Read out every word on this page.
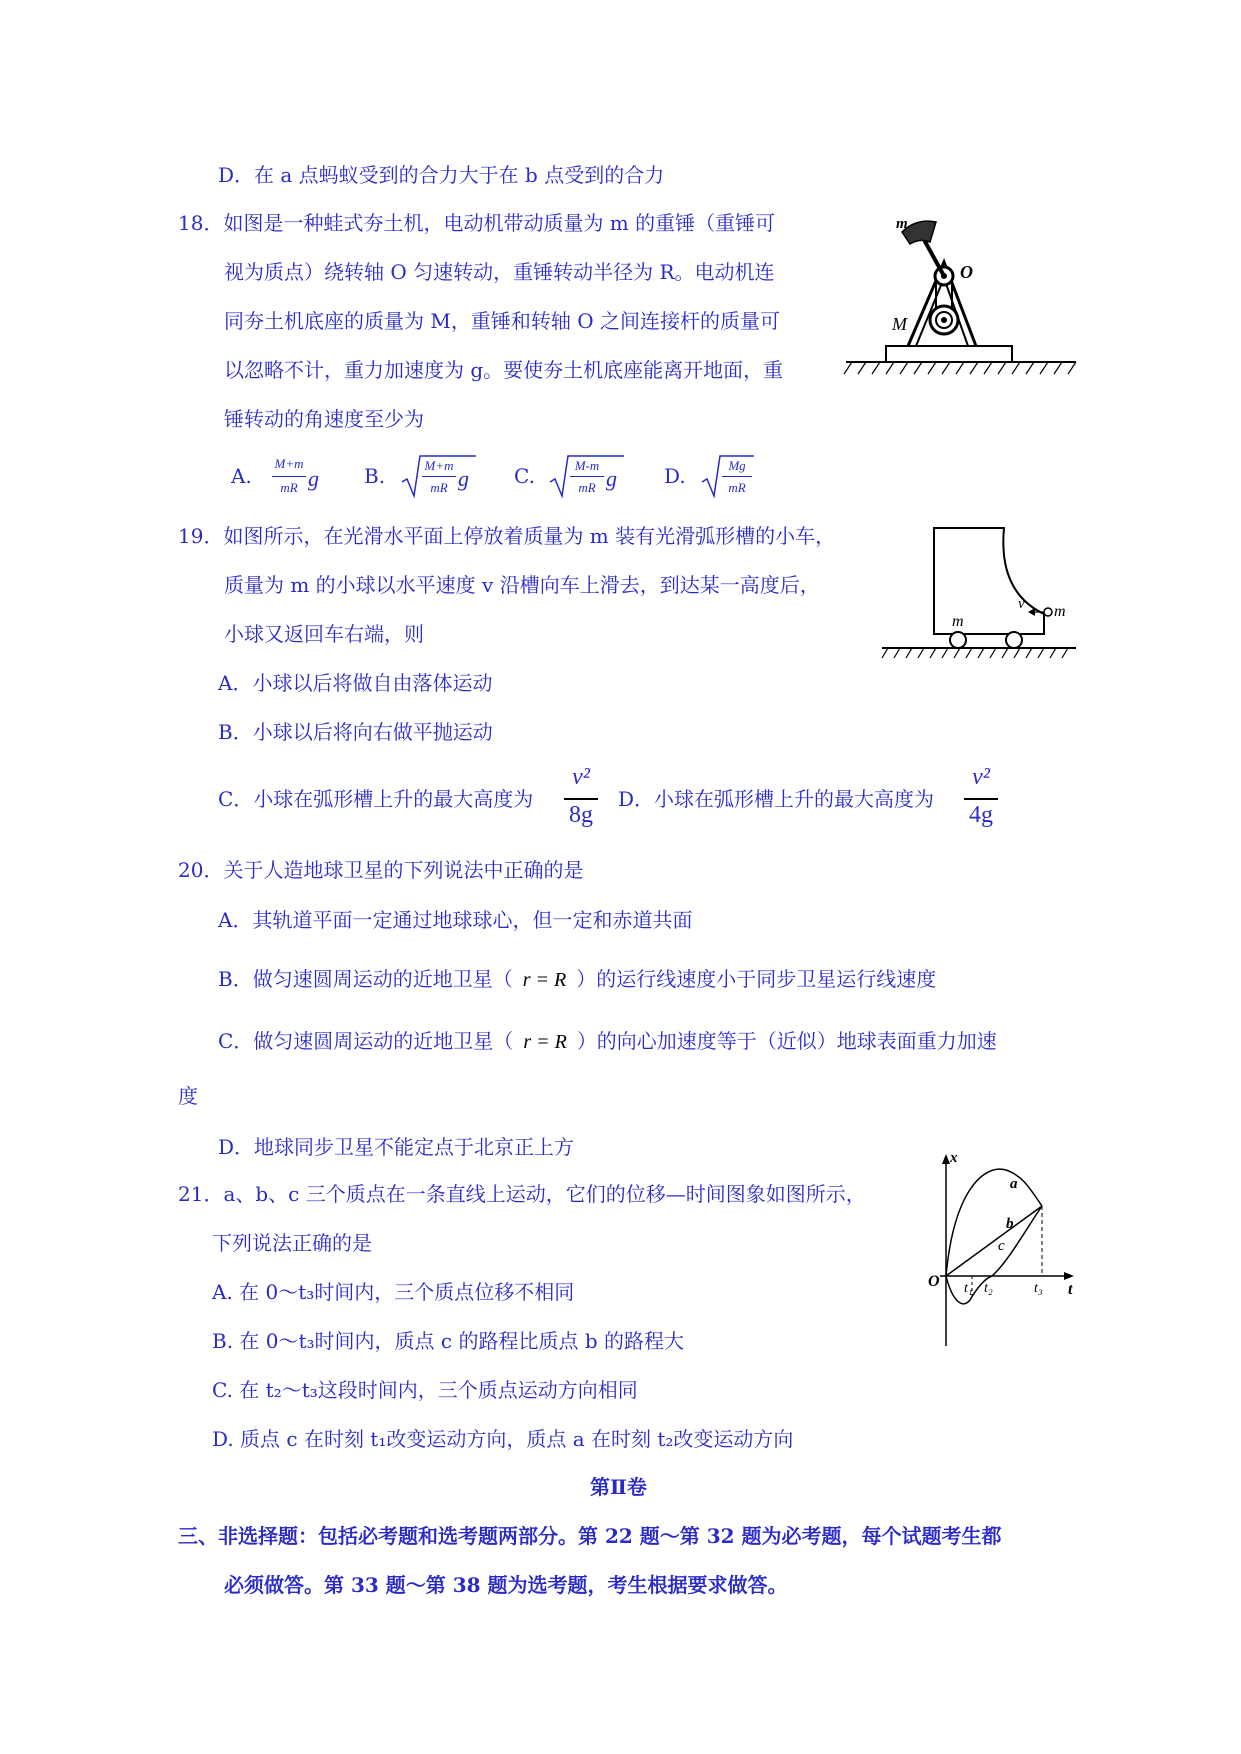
D．在 a 点蚂蚁受到的合力大于在 b 点受到的合力
18．如图是一种蛙式夯土机，电动机带动质量为 m 的重锤（重锤可
视为质点）绕转轴 O 匀速转动，重锤转动半径为 R。电动机连
同夯土机底座的质量为 M，重锤和转轴 O 之间连接杆的质量可
以忽略不计，重力加速度为 g。要使夯土机底座能离开地面，重
锤转动的角速度至少为
A.
M+m
mR g B.	M+m
mR g C.	M-m
mR g D.	Mg
mR
m
O
M
19．如图所示，在光滑水平面上停放着质量为 m 装有光滑弧形槽的小车，
质量为 m 的小球以水平速度 v 沿槽向车上滑去，到达某一高度后，
小球又返回车右端，则
A．小球以后将做自由落体运动
B．小球以后将向右做平抛运动
C．小球在弧形槽上升的最大高度为
v²
8g
D．小球在弧形槽上升的最大高度为
v²
4g
v m
m
20．关于人造地球卫星的下列说法中正确的是
A．其轨道平面一定通过地球球心，但一定和赤道共面
B．做匀速圆周运动的近地卫星（ r = R ）的运行线速度小于同步卫星运行线速度
C．做匀速圆周运动的近地卫星（ r = R ）的向心加速度等于（近似）地球表面重力加速
度
D．地球同步卫星不能定点于北京正上方
21．a、b、c 三个质点在一条直线上运动，它们的位移—时间图象如图所示，
下列说法正确的是
A. 在 0～t₃时间内，三个质点位移不相同
B. 在 0～t₃时间内，质点 c 的路程比质点 b 的路程大
C. 在 t₂～t₃这段时间内，三个质点运动方向相同
D. 质点 c 在时刻 t₁改变运动方向，质点 a 在时刻 t₂改变运动方向
x
t
O
a
b
c
t₁ t₂	t₃
第Ⅱ卷
三、非选择题：包括必考题和选考题两部分。第 22 题～第 32 题为必考题，每个试题考生都
必须做答。第 33 题～第 38 题为选考题，考生根据要求做答。
